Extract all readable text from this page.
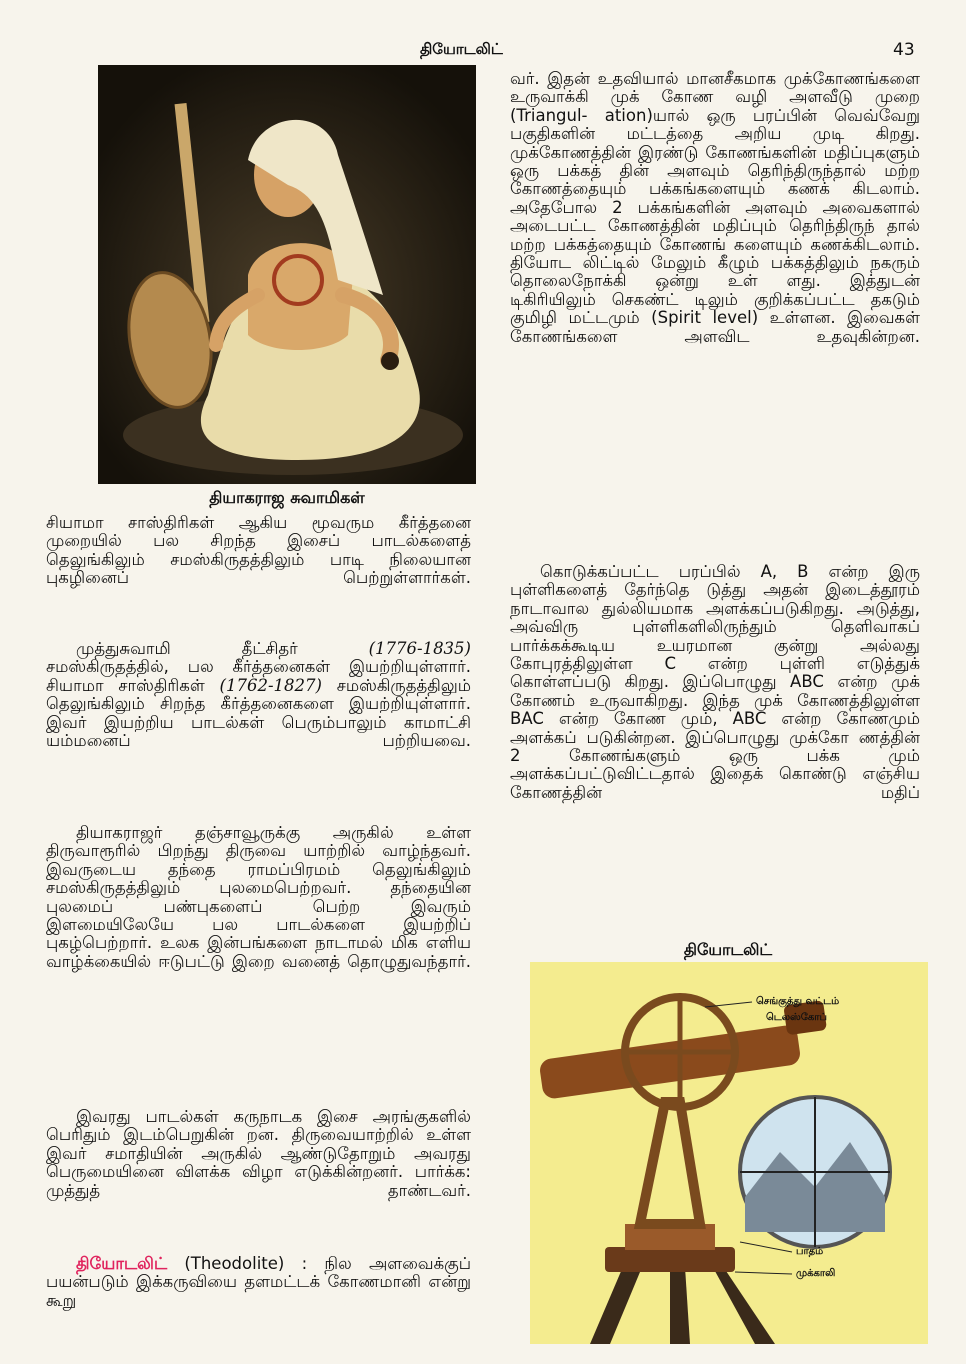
தியோடலிட்	43
தியாகராஜ சுவாமிகள்

சியாமா சாஸ்திரிகள் ஆகிய மூவரும கீர்த்தனை முறையில் பல சிறந்த இசைப் பாடல்களைத் தெலுங்கிலும் சமஸ்கிருதத்திலும் பாடி நிலையான புகழினைப் பெற்றுள்ளார்கள்.

முத்துசுவாமி தீட்சிதர் (1776-1835) சமஸ்கிருதத்தில், பல கீர்த்தனைகள் இயற்றியுள்ளார். சியாமா சாஸ்திரிகள் (1762-1827) சமஸ்கிருதத்திலும் தெலுங்கிலும் சிறந்த கீர்த்தனைகளை இயற்றியுள்ளார். இவர் இயற்றிய பாடல்கள் பெரும்பாலும் காமாட்சி யம்மனைப் பற்றியவை.

தியாகராஜர் தஞ்சாவூருக்கு அருகில் உள்ள திருவாரூரில் பிறந்து திருவை யாற்றில் வாழ்ந்தவர். இவருடைய தந்தை ராமப்பிரமம் தெலுங்கிலும் சமஸ்கிருதத்திலும் புலமைபெற்றவர். தந்தையின புலமைப் பண்புகளைப் பெற்ற இவரும் இளமையிலேயே பல பாடல்களை இயற்றிப் புகழ்பெற்றார். உலக இன்பங்களை நாடாமல் மிக எளிய வாழ்க்கையில் ஈடுபட்டு இறை வனைத் தொழுதுவந்தார்.

இவரது பாடல்கள் கருநாடக இசை அரங்குகளில் பெரிதும் இடம்பெறுகின் றன. திருவையாற்றில் உள்ள இவர் சமாதியின் அருகில் ஆண்டுதோறும் அவரது பெருமையினை விளக்க விழா எடுக்கின்றனர். பார்க்க: முத்துத் தாண்டவர்.

தியோடலிட் (Theodolite) : நில அளவைக்குப் பயன்படும் இக்கருவியை தளமட்டக் கோணமானி என்று கூறு

வர். இதன் உதவியால் மானசீகமாக முக்கோணங்களை உருவாக்கி முக் கோண வழி அளவீடு முறை (Triangul- ation)யால் ஒரு பரப்பின் வெவ்வேறு பகுதிகளின் மட்டத்தை அறிய முடி கிறது. முக்கோணத்தின் இரண்டு கோணங்களின் மதிப்புகளும் ஒரு பக்கத் தின் அளவும் தெரிந்திருந்தால் மற்ற கோணத்தையும் பக்கங்களையும் கணக் கிடலாம். அதேபோல 2 பக்கங்களின் அளவும் அவைகளால் அடைபட்ட கோணத்தின் மதிப்பும் தெரிந்திருந் தால் மற்ற பக்கத்தையும் கோணங் களையும் கணக்கிடலாம். தியோட லிட்டில் மேலும் கீழும் பக்கத்திலும் நகரும் தொலைநோக்கி ஒன்று உள் ளது. இத்துடன் டிகிரியிலும் செகண்ட் டிலும் குறிக்கப்பட்ட தகடும் குமிழி மட்டமும் (Spirit level) உள்ளன. இவைகள் கோணங்களை அளவிட உதவுகின்றன.

கொடுக்கப்பட்ட பரப்பில் A, B என்ற இரு புள்ளிகளைத் தேர்ந்தெ டுத்து அதன் இடைத்தூரம் நாடாவால துல்லியமாக அளக்கப்படுகிறது. அடுத்து, அவ்விரு புள்ளிகளிலிருந்தும் தெளிவாகப் பார்க்கக்கூடிய உயரமான குன்று அல்லது கோபுரத்திலுள்ள C என்ற புள்ளி எடுத்துக் கொள்ளப்படு கிறது. இப்பொழுது ABC என்ற முக் கோணம் உருவாகிறது. இந்த முக் கோணத்திலுள்ள BAC என்ற கோண மும், ABC என்ற கோணமும் அளக்கப் படுகின்றன. இப்பொழுது முக்கோ ணத்தின் 2 கோணங்களும் ஒரு பக்க மும் அளக்கப்பட்டுவிட்டதால் இதைக் கொண்டு எஞ்சிய கோணத்தின் மதிப்

தியோடலிட்
செங்குத்து வட்டம்
டெலஸ்கோப்
பாதம்
முக்காலி
